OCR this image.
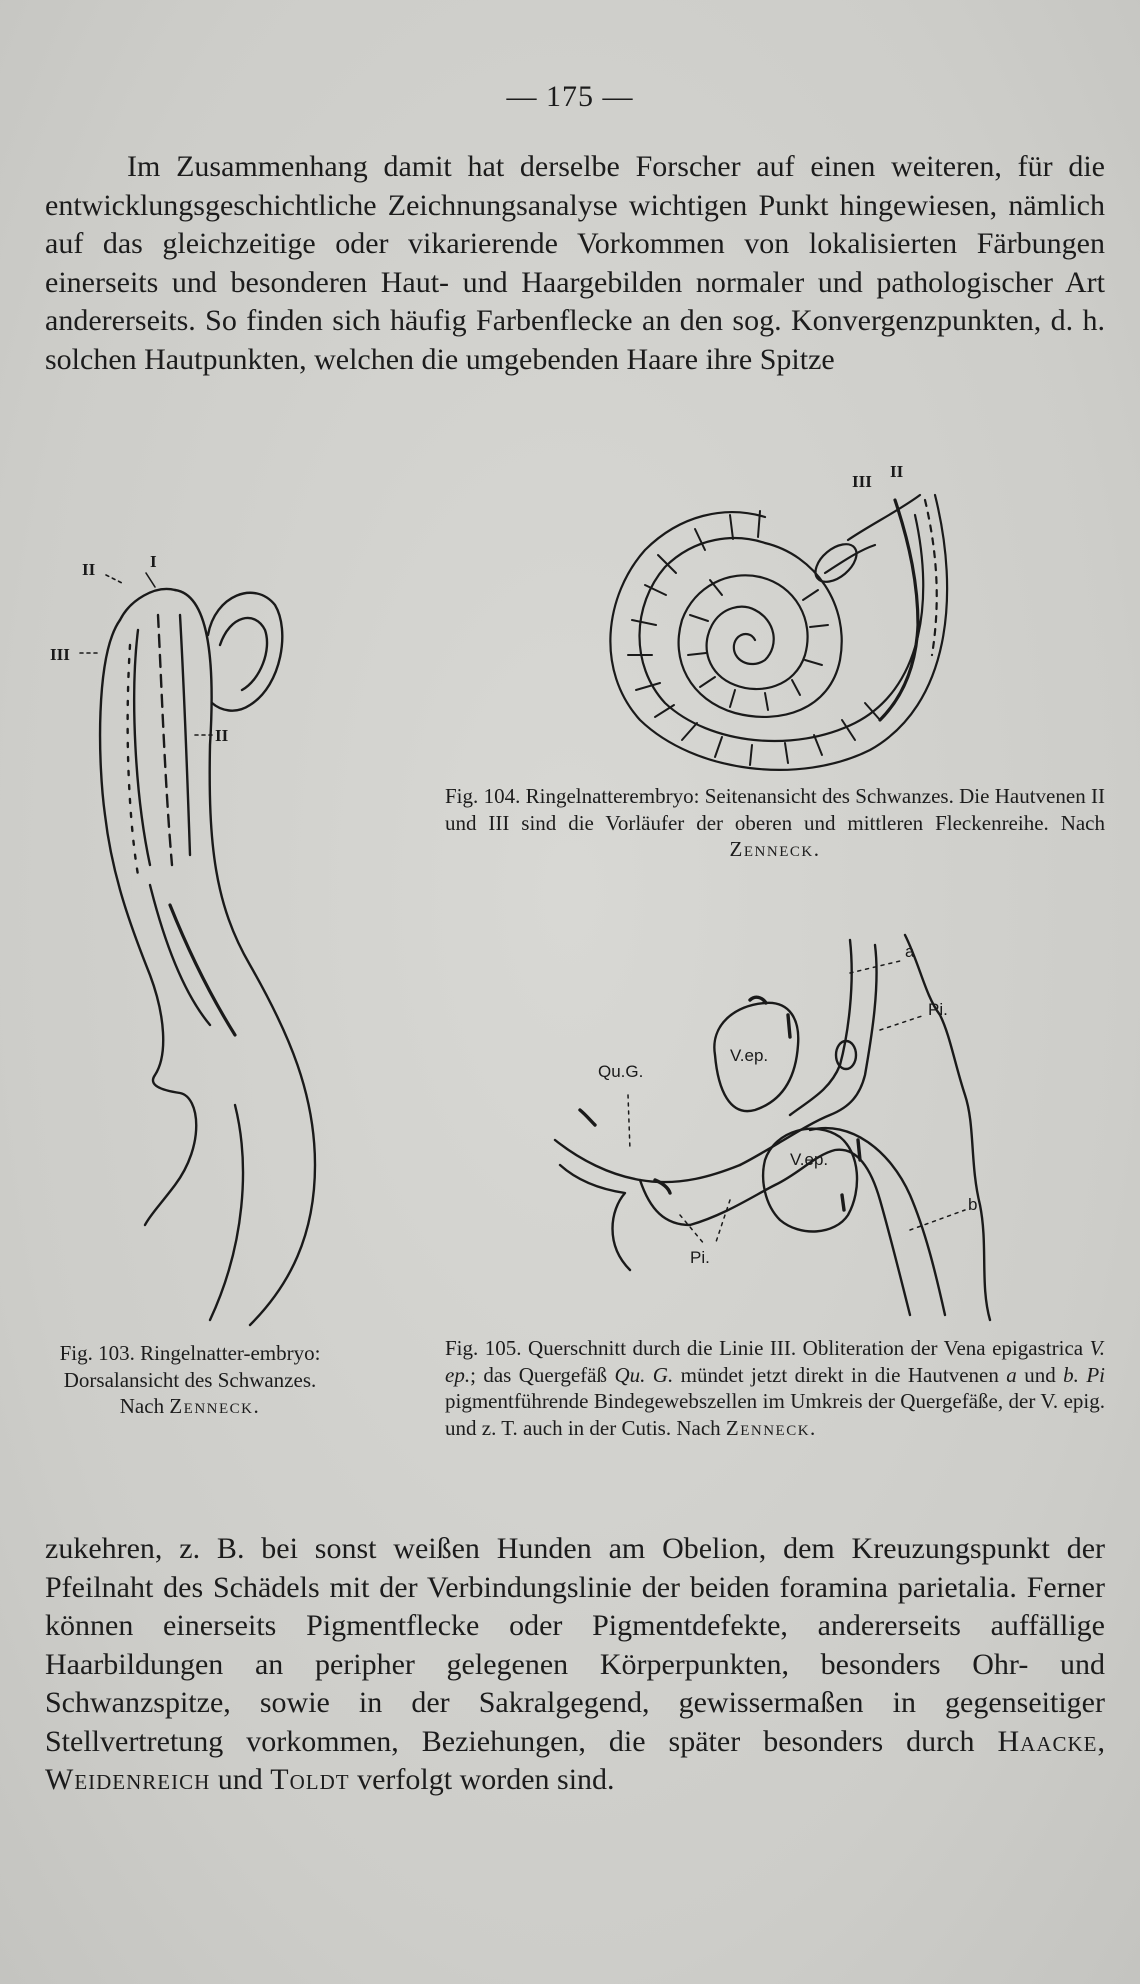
— 175 —

Im Zusammenhang damit hat derselbe Forscher auf einen weiteren, für die entwicklungsgeschichtliche Zeichnungsanalyse wichtigen Punkt hingewiesen, nämlich auf das gleichzeitige oder vikarierende Vorkommen von lokalisierten Färbungen einerseits und besonderen Haut- und Haargebilden normaler und pathologischer Art andererseits. So finden sich häufig Farbenflecke an den sog. Konvergenzpunkten, d. h. solchen Hautpunkten, welchen die umgebenden Haare ihre Spitze

III
II
Fig. 104. Ringelnatterembryo: Seitenansicht des Schwanzes. Die Hautvenen II und III sind die Vorläufer der oberen und mittleren Fleckenreihe. Nach Zenneck.
II	I
III
II
Fig. 103. Ringelnatter-embryo: Dorsalansicht des Schwanzes. Nach Zenneck.
a
Pi.
Qu.G.
V.ep.
V.ep.
b
Pi.
Fig. 105. Querschnitt durch die Linie III. Obliteration der Vena epigastrica V. ep.; das Quergefäß Qu. G. mündet jetzt direkt in die Hautvenen a und b. Pi pigmentführende Bindegewebszellen im Umkreis der Quergefäße, der V. epig. und z. T. auch in der Cutis. Nach Zenneck.

zukehren, z. B. bei sonst weißen Hunden am Obelion, dem Kreuzungspunkt der Pfeilnaht des Schädels mit der Verbindungslinie der beiden foramina parietalia. Ferner können einerseits Pigmentflecke oder Pigmentdefekte, andererseits auffällige Haarbildungen an peripher gelegenen Körperpunkten, besonders Ohr- und Schwanzspitze, sowie in der Sakralgegend, gewissermaßen in gegenseitiger Stellvertretung vorkommen, Beziehungen, die später besonders durch Haacke, Weidenreich und Toldt verfolgt worden sind.
